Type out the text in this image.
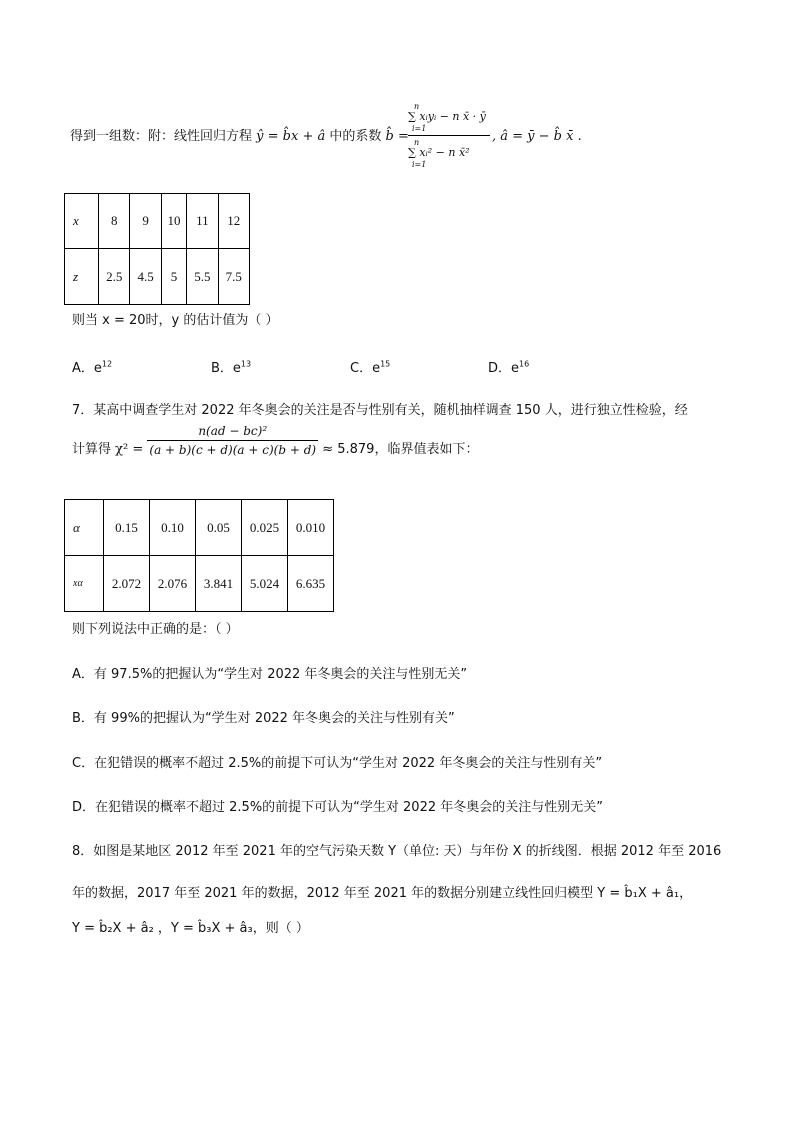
得到一组数：附：线性回归方程 ŷ = b̂x + â 中的系数 b̂ =
n
∑ xᵢyᵢ − n x̄ · ȳ
i=1
n
∑ xᵢ² − n x̄²
i=1
, â = ȳ − b̂ x̄ .
x	8	9	10	11	12
z	2.5	4.5	5	5.5	7.5
则当 x = 20时，y 的估计值为（ ）
A．$e^{12}$	B．$e^{13}$	C．$e^{15}$	D．$e^{16}$
7．某高中调查学生对 2022 年冬奥会的关注是否与性别有关，随机抽样调查 150 人，进行独立性检验，经
计算得 $\chi^2 = \frac{\text{n(ad − bc)²}}{(a + b)(c + d)(a + c)(b + d)} \approx 5.879$，临界值表如下：
α	0.15	0.10	0.05	0.025	0.010
xα	2.072	2.076	3.841	5.024	6.635
则下列说法中正确的是：（ ）
A．有 97.5%的把握认为“学生对 2022 年冬奥会的关注与性别无关”
B．有 99%的把握认为“学生对 2022 年冬奥会的关注与性别有关”
C．在犯错误的概率不超过 2.5%的前提下可认为“学生对 2022 年冬奥会的关注与性别有关”
D．在犯错误的概率不超过 2.5%的前提下可认为“学生对 2022 年冬奥会的关注与性别无关”
8．如图是某地区 2012 年至 2021 年的空气污染天数 Y（单位: 天）与年份 X 的折线图．根据 2012 年至 2016
年的数据，2017 年至 2021 年的数据，2012 年至 2021 年的数据分别建立线性回归模型 Y = b̂₁X + â₁，
Y = b̂₂X + â₂ ，Y = b̂₃X + â₃，则（ ）
